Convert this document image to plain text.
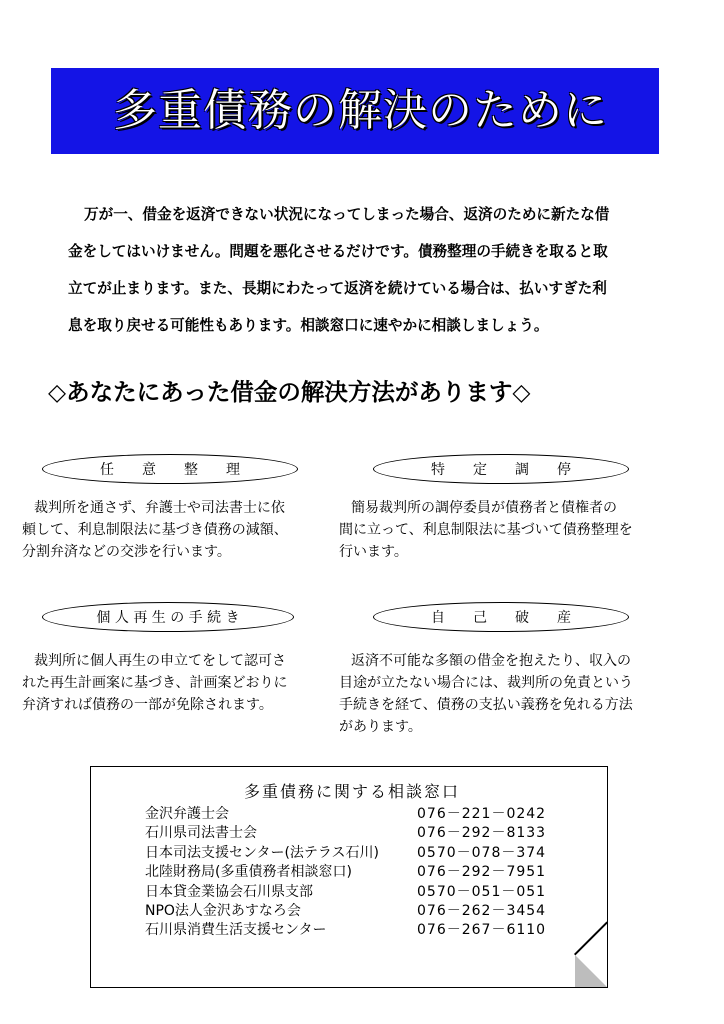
多重債務の解決のために
万が一、借金を返済できない状況になってしまった場合、返済のために新たな借
金をしてはいけません。問題を悪化させるだけです。債務整理の手続きを取ると取
立てが止まります。また、長期にわたって返済を続けている場合は、払いすぎた利
息を取り戻せる可能性もあります。相談窓口に速やかに相談しましょう。
◇あなたにあった借金の解決方法があります◇
任　　意　　整　　理
裁判所を通さず、弁護士や司法書士に依
頼して、利息制限法に基づき債務の減額、
分割弁済などの交渉を行います。
特　　定　　調　　停
簡易裁判所の調停委員が債務者と債権者の
間に立って、利息制限法に基づいて債務整理を
行います。
個 人 再 生 の 手 続 き
裁判所に個人再生の申立てをして認可さ
れた再生計画案に基づき、計画案どおりに
弁済すれば債務の一部が免除されます。
自　　己　　破　　産
返済不可能な多額の借金を抱えたり、収入の
目途が立たない場合には、裁判所の免責という
手続きを経て、債務の支払い義務を免れる方法
があります。
多重債務に関する相談窓口
金沢弁護士会	076－221－0242
石川県司法書士会	076－292－8133
日本司法支援センター(法テラス石川)	0570－078－374
北陸財務局(多重債務者相談窓口)	076－292－7951
日本貸金業協会石川県支部	0570－051－051
NPO法人金沢あすなろ会	076－262－3454
石川県消費生活支援センター	076－267－6110
